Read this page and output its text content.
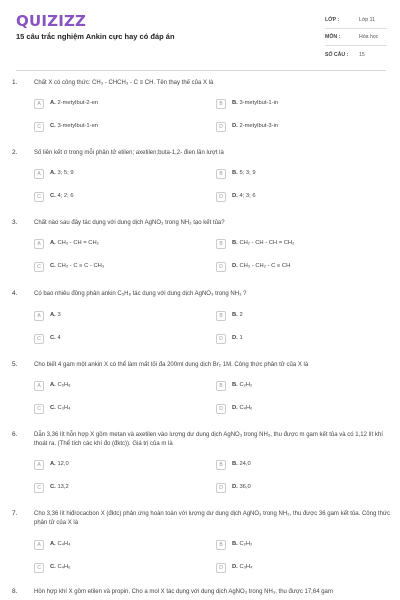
QUIZIZZ
15 câu trắc nghiệm Ankin cực hay có đáp án
LỚP :	Lớp 11
MÔN :	Hóa học
SỐ CÂU :	15
1.	Chất X có công thức: CH₃ - CHCH₃ - C ≡ CH. Tên thay thế của X là
A	A. 2-metylbut-2-en	B	B. 3-metylbut-1-in
C	C. 3-metylbut-1-en	D	D. 2-metylbut-3-in
2.	Số liên kết σ trong mỗi phân tử etilen; axetilen;buta-1,2- đien lần lượt là
A	A. 3; 5; 9	B	B. 5; 3; 9
C	C. 4; 2; 6	D	D. 4; 3; 6
3.	Chất nào sau đây tác dụng với dung dịch AgNO₃ trong NH₃ tạo kết tủa?
A	A. CH₃ - CH = CH₂	B	B. CH₂ - CH - CH = CH₂
C	C. CH₃ - C ≡ C - CH₃	D	D. CH₃ - CH₂ - C ≡ CH
4.	Có bao nhiêu đồng phân ankin C₅H₈ tác dụng với dung dịch AgNO₃ trong NH₃ ?
A	A. 3	B	B. 2
C	C. 4	D	D. 1
5.	Cho biết 4 gam một ankin X có thể làm mất tối đa 200ml dung dịch Br₂ 1M. Công thức phân tử của X là
A	A. C₅H₈	B	B. C₂H₂
C	C. C₃H₄	D	D. C₄H₆
6.	Dẫn 3,36 lít hỗn hợp X gồm metan và axetilen vào lượng dư dung dịch AgNO₃ trong NH₃, thu được m gam kết tủa và có 1,12 lít khí thoát ra. (Thể tích các khí đo (đktc)). Giá trị của m là
A	A. 12,0	B	B. 24,0
C	C. 13,2	D	D. 36,0
7.	Cho 3,36 lít hiđrocacbon X (đktc) phản ứng hoàn toàn với lượng dư dung dịch AgNO₃ trong NH₃, thu được 36 gam kết tủa. Công thức phân tử của X là
A	A. C₄H₄	B	B. C₂H₂
C	C. C₄H₆	D	D. C₃H₄
8.	Hỗn hợp khí X gồm etilen và propin. Cho a mol X tác dụng với dung dịch AgNO₃ trong NH₃, thu được 17,64 gam
